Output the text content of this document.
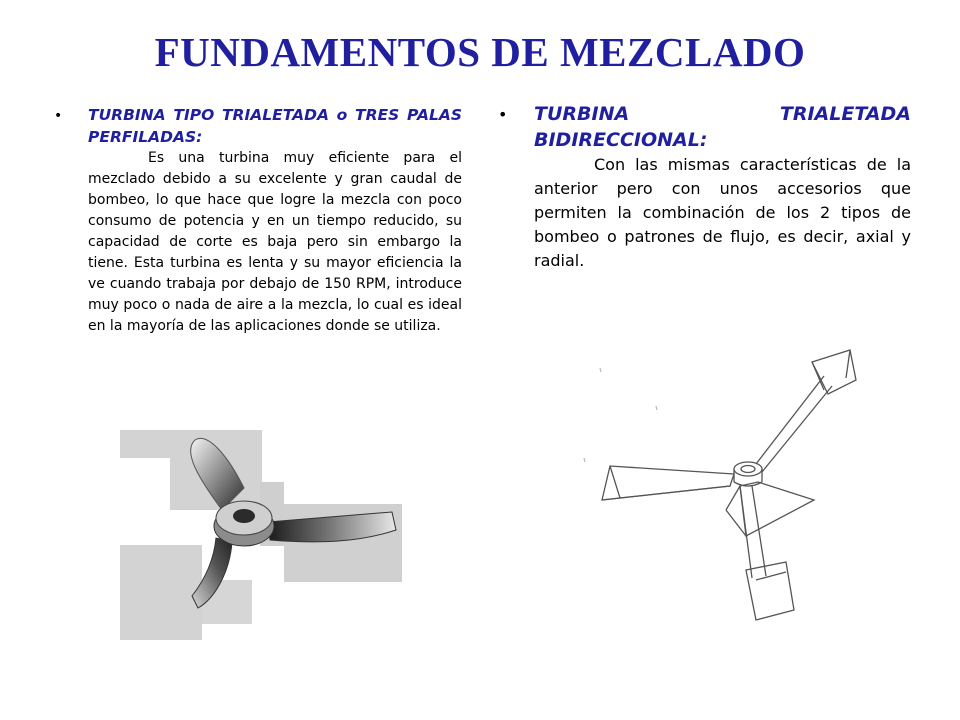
FUNDAMENTOS DE MEZCLADO
• TURBINA TIPO TRIALETADA o TRES PALAS PERFILADAS:

Es una turbina muy eficiente para el mezclado debido a su excelente y gran caudal de bombeo, lo que hace que logre la mezcla con poco consumo de potencia y en un tiempo reducido, su capacidad de corte es baja pero sin embargo la tiene. Esta turbina es lenta y su mayor eficiencia la ve cuando trabaja por debajo de 150 RPM, introduce muy poco o nada de aire a la mezcla, lo cual es ideal en la mayoría de las aplicaciones donde se utiliza.

• TURBINA TRIALETADA BIDIRECCIONAL:

Con las mismas características de la anterior pero con unos accesorios que permiten la combinación de los 2 tipos de bombeo o patrones de flujo, es decir, axial y radial.
